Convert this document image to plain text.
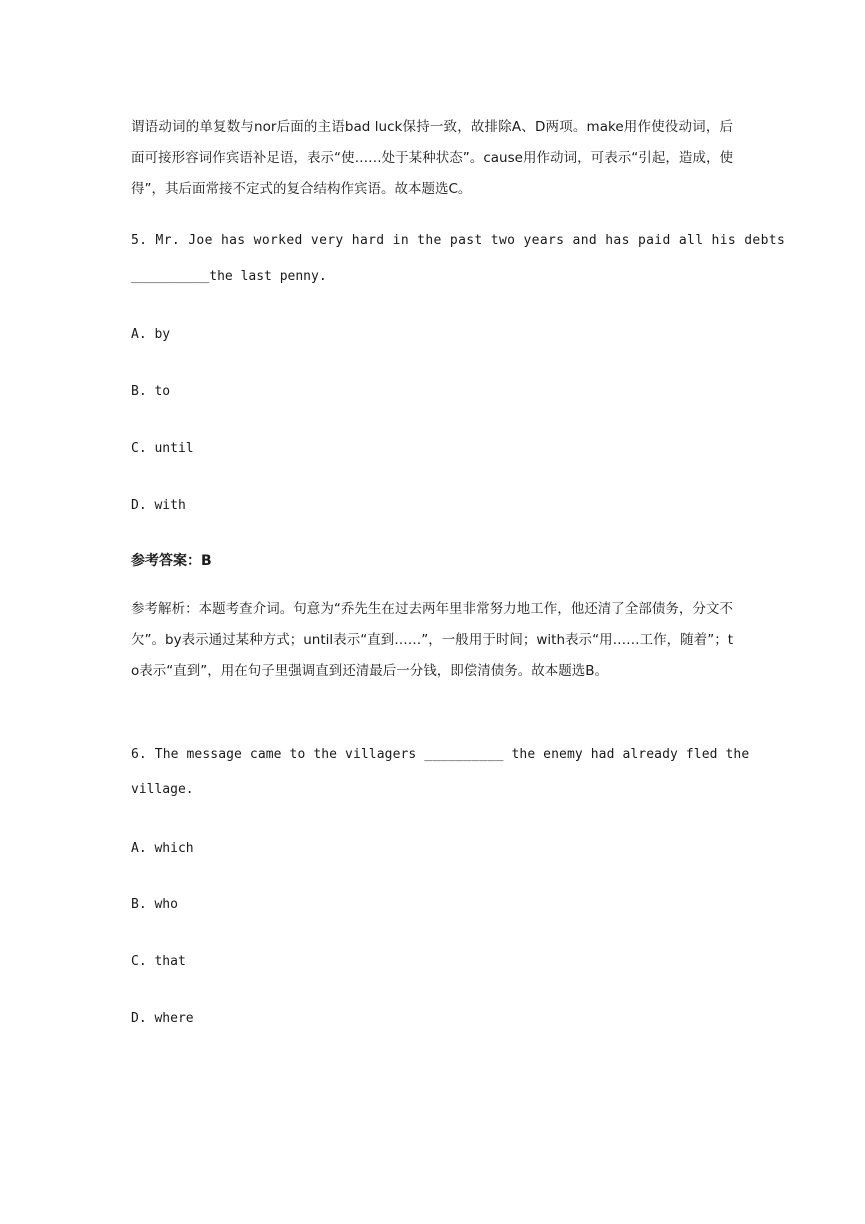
谓语动词的单复数与nor后面的主语bad luck保持一致，故排除A、D两项。make用作使役动词，后面可接形容词作宾语补足语，表示“使……处于某种状态”。cause用作动词，可表示“引起，造成，使得”，其后面常接不定式的复合结构作宾语。故本题选C。

5. Mr. Joe has worked very hard in the past two years and has paid all his debts
__________the last penny.
A. by
B. to
C. until
D. with
参考答案：B

参考解析：本题考查介词。句意为“乔先生在过去两年里非常努力地工作，他还清了全部债务，分文不欠”。by表示通过某种方式；until表示“直到……”，一般用于时间；with表示“用……工作，随着”；to表示“直到”，用在句子里强调直到还清最后一分钱，即偿清债务。故本题选B。

6. The message came to the villagers __________ the enemy had already fled the
village.
A. which
B. who
C. that
D. where
